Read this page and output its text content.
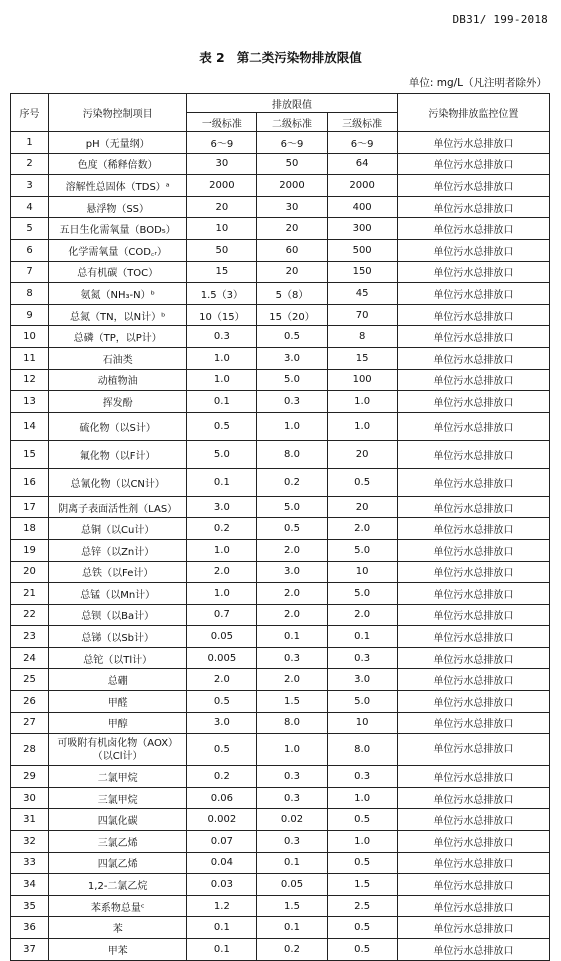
DB31/ 199-2018
表 2 第二类污染物排放限值
单位: mg/L（凡注明者除外）
序号	污染物控制项目	排放限值			污染物排放监控位置
		一级标准	二级标准	三级标准	
1	pH（无量纲）	6～9	6～9	6～9	单位污水总排放口
2	色度（稀释倍数）	30	50	64	单位污水总排放口
3	溶解性总固体（TDS）ᵃ	2000	2000	2000	单位污水总排放口
4	悬浮物（SS）	20	30	400	单位污水总排放口
5	五日生化需氧量（BOD₅）	10	20	300	单位污水总排放口
6	化学需氧量（COD꜀ᵣ）	50	60	500	单位污水总排放口
7	总有机碳（TOC）	15	20	150	单位污水总排放口
8	氨氮（NH₃-N）ᵇ	1.5（3）	5（8）	45	单位污水总排放口
9	总氮（TN，以N计）ᵇ	10（15）	15（20）	70	单位污水总排放口
10	总磷（TP，以P计）	0.3	0.5	8	单位污水总排放口
11	石油类	1.0	3.0	15	单位污水总排放口
12	动植物油	1.0	5.0	100	单位污水总排放口
13	挥发酚	0.1	0.3	1.0	单位污水总排放口
14	硫化物（以S计）	0.5	1.0	1.0	单位污水总排放口
15	氟化物（以F计）	5.0	8.0	20	单位污水总排放口
16	总氰化物（以CN计）	0.1	0.2	0.5	单位污水总排放口
17	阴离子表面活性剂（LAS）	3.0	5.0	20	单位污水总排放口
18	总铜（以Cu计）	0.2	0.5	2.0	单位污水总排放口
19	总锌（以Zn计）	1.0	2.0	5.0	单位污水总排放口
20	总铁（以Fe计）	2.0	3.0	10	单位污水总排放口
21	总锰（以Mn计）	1.0	2.0	5.0	单位污水总排放口
22	总钡（以Ba计）	0.7	2.0	2.0	单位污水总排放口
23	总锑（以Sb计）	0.05	0.1	0.1	单位污水总排放口
24	总铊（以Tl计）	0.005	0.3	0.3	单位污水总排放口
25	总硼	2.0	2.0	3.0	单位污水总排放口
26	甲醛	0.5	1.5	5.0	单位污水总排放口
27	甲醇	3.0	8.0	10	单位污水总排放口
28	可吸附有机卤化物（AOX）（以Cl计）	0.5	1.0	8.0	单位污水总排放口
29	二氯甲烷	0.2	0.3	0.3	单位污水总排放口
30	三氯甲烷	0.06	0.3	1.0	单位污水总排放口
31	四氯化碳	0.002	0.02	0.5	单位污水总排放口
32	三氯乙烯	0.07	0.3	1.0	单位污水总排放口
33	四氯乙烯	0.04	0.1	0.5	单位污水总排放口
34	1,2-二氯乙烷	0.03	0.05	1.5	单位污水总排放口
35	苯系物总量ᶜ	1.2	1.5	2.5	单位污水总排放口
36	苯	0.1	0.1	0.5	单位污水总排放口
37	甲苯	0.1	0.2	0.5	单位污水总排放口
